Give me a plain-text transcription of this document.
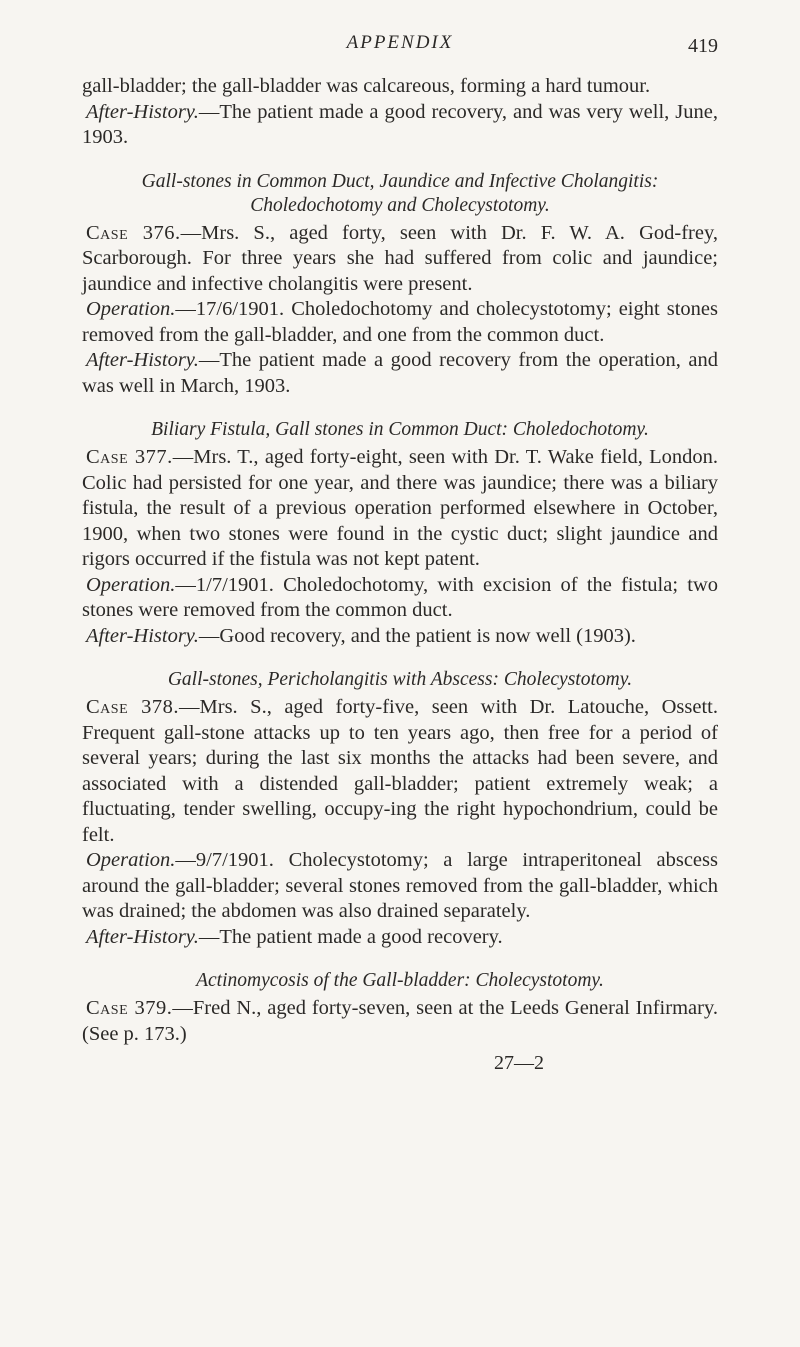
APPENDIX	419

gall-bladder; the gall-bladder was calcareous, forming a hard tumour.

After-History.—The patient made a good recovery, and was very well, June, 1903.

Gall-stones in Common Duct, Jaundice and Infective Cholangitis: Choledochotomy and Cholecystotomy.

Case 376.—Mrs. S., aged forty, seen with Dr. F. W. A. God-frey, Scarborough. For three years she had suffered from colic and jaundice; jaundice and infective cholangitis were present.

Operation.—17/6/1901. Choledochotomy and cholecystotomy; eight stones removed from the gall-bladder, and one from the common duct.

After-History.—The patient made a good recovery from the operation, and was well in March, 1903.

Biliary Fistula, Gall stones in Common Duct: Choledochotomy.

Case 377.—Mrs. T., aged forty-eight, seen with Dr. T. Wake field, London. Colic had persisted for one year, and there was jaundice; there was a biliary fistula, the result of a previous operation performed elsewhere in October, 1900, when two stones were found in the cystic duct; slight jaundice and rigors occurred if the fistula was not kept patent.

Operation.—1/7/1901. Choledochotomy, with excision of the fistula; two stones were removed from the common duct.

After-History.—Good recovery, and the patient is now well (1903).

Gall-stones, Pericholangitis with Abscess: Cholecystotomy.

Case 378.—Mrs. S., aged forty-five, seen with Dr. Latouche, Ossett. Frequent gall-stone attacks up to ten years ago, then free for a period of several years; during the last six months the attacks had been severe, and associated with a distended gall-bladder; patient extremely weak; a fluctuating, tender swelling, occupy-ing the right hypochondrium, could be felt.

Operation.—9/7/1901. Cholecystotomy; a large intraperitoneal abscess around the gall-bladder; several stones removed from the gall-bladder, which was drained; the abdomen was also drained separately.

After-History.—The patient made a good recovery.

Actinomycosis of the Gall-bladder: Cholecystotomy.

Case 379.—Fred N., aged forty-seven, seen at the Leeds General Infirmary. (See p. 173.)

27—2
